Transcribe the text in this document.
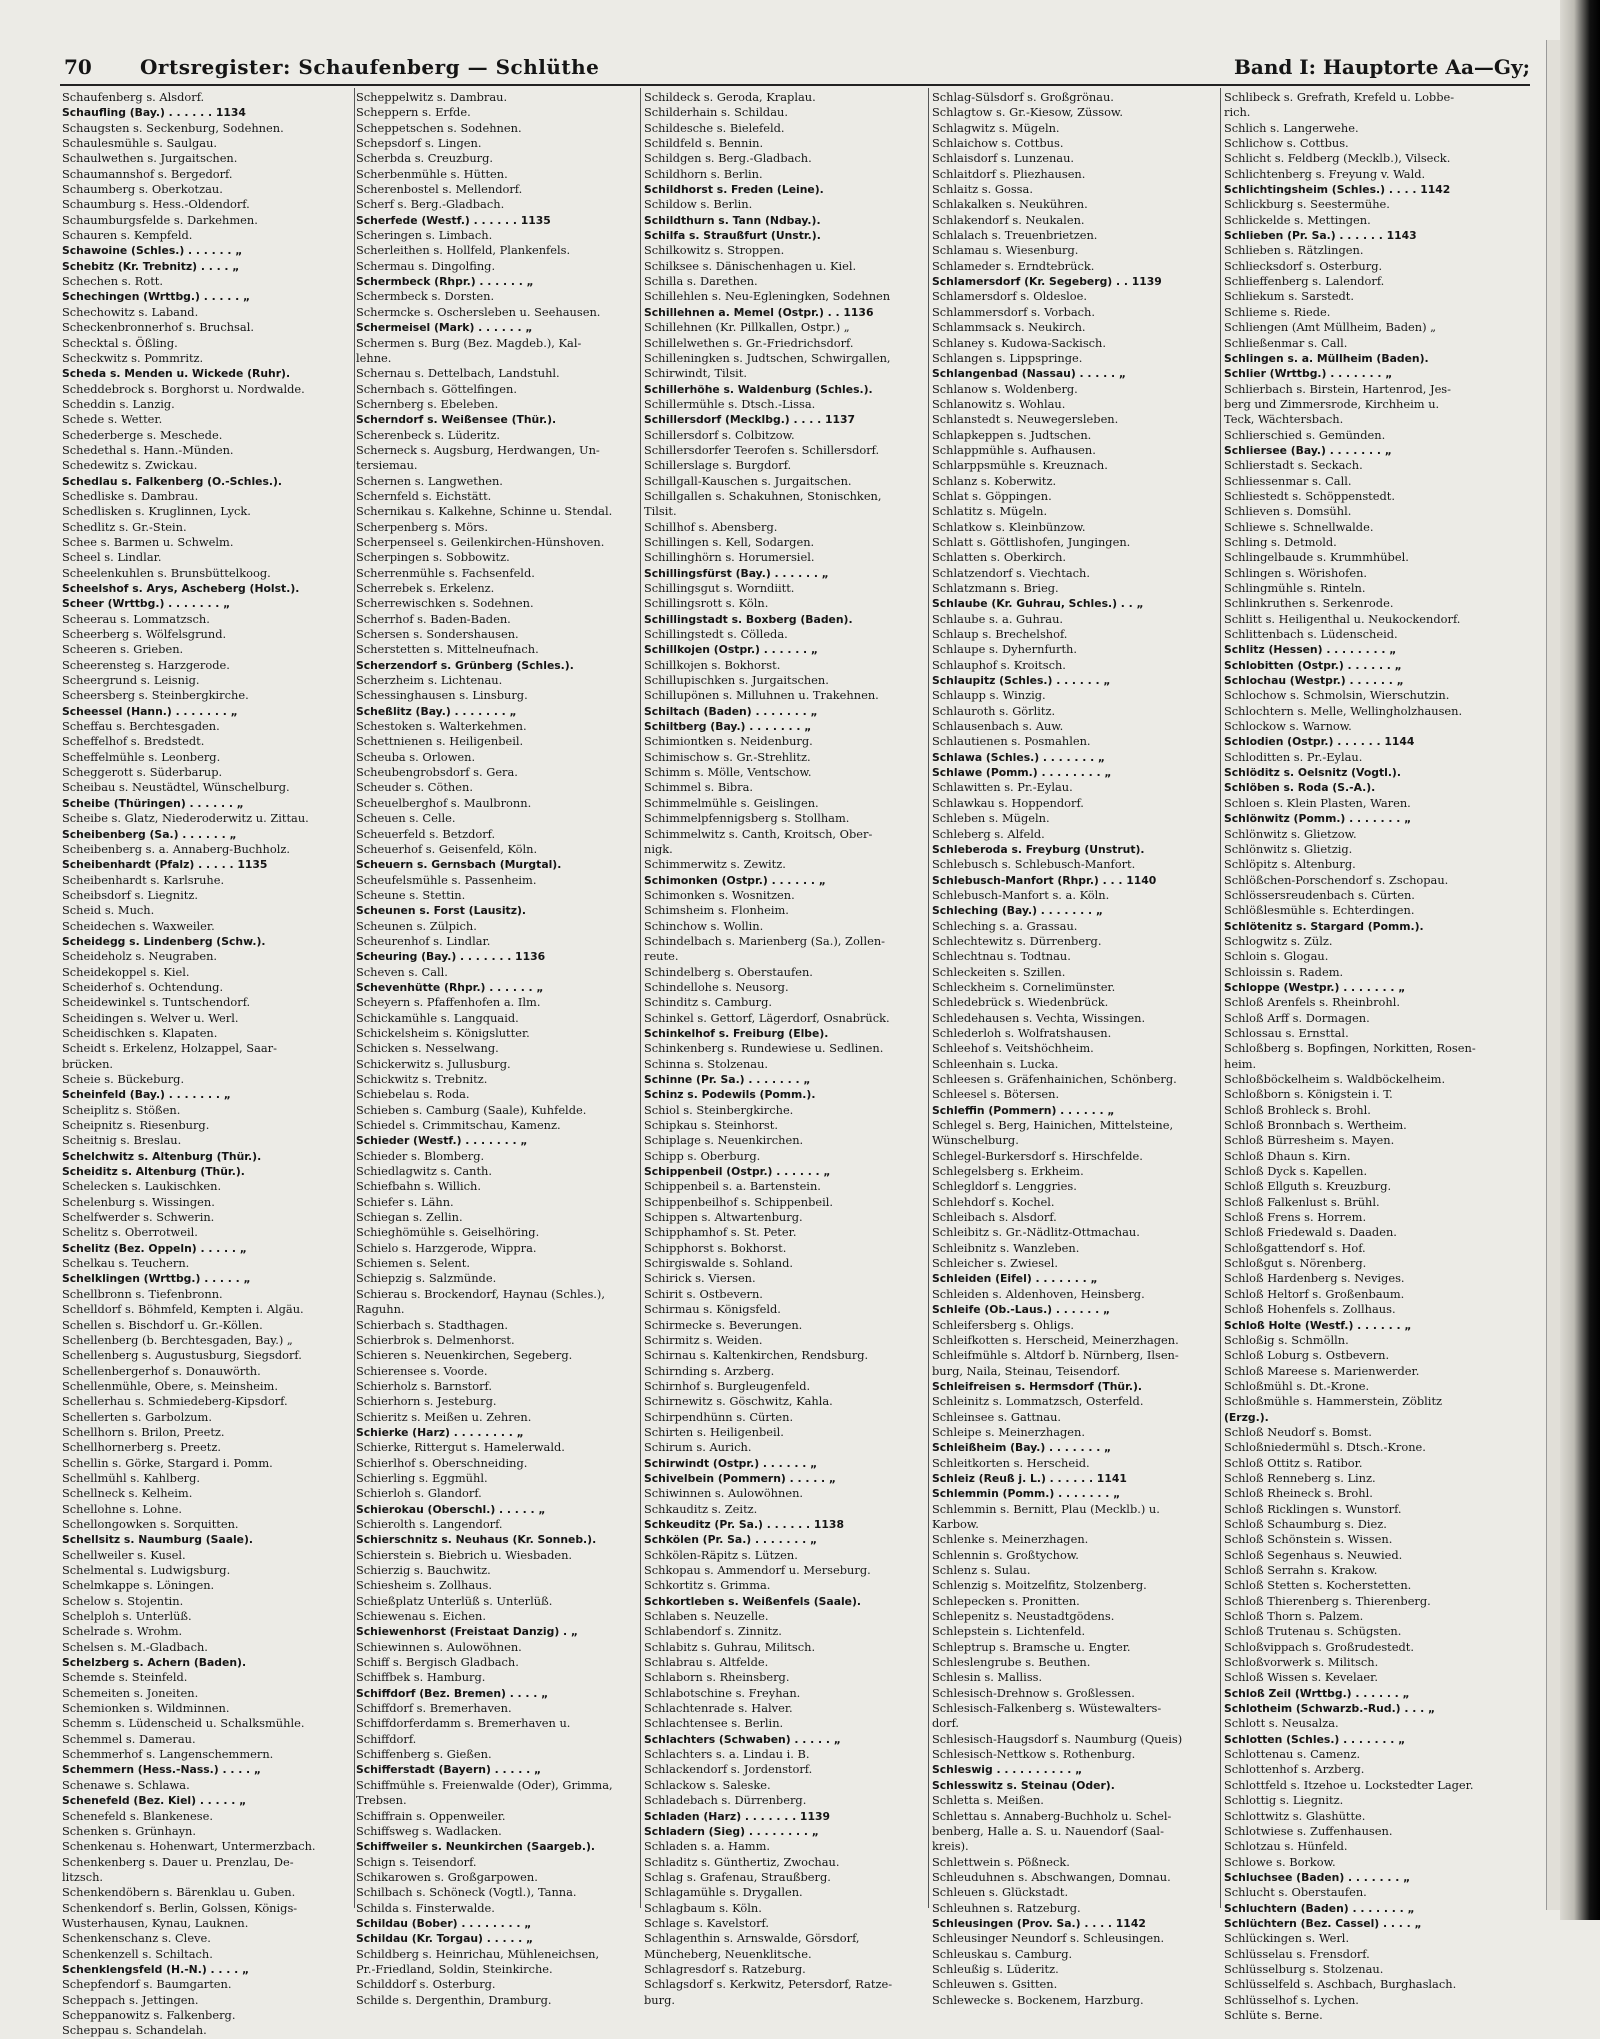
70 Ortsregister: Schaufenberg — Schlüthe	Band I: Hauptorte Aa—Gy;
Schaufenberg s. Alsdorf.
Schaufling (Bay.) . . . . . . 1134
Schaugsten s. Seckenburg, Sodehnen.
Schaulesmühle s. Saulgau.
Schaulwethen s. Jurgaitschen.
Schaumannshof s. Bergedorf.
Schaumberg s. Oberkotzau.
Schaumburg s. Hess.-Oldendorf.
Schaumburgsfelde s. Darkehmen.
Schauren s. Kempfeld.
Schawoine (Schles.) . . . . . . „
Schebitz (Kr. Trebnitz) . . . . „
Schechen s. Rott.
Schechingen (Wrttbg.) . . . . . „
Schechowitz s. Laband.
Scheckenbronnerhof s. Bruchsal.
Schecktal s. Ößling.
Scheckwitz s. Pommritz.
Scheda s. Menden u. Wickede (Ruhr).
Scheddebrock s. Borghorst u. Nordwalde.
Scheddin s. Lanzig.
Schede s. Wetter.
Schederberge s. Meschede.
Schedethal s. Hann.-Münden.
Schedewitz s. Zwickau.
Schedlau s. Falkenberg (O.-Schles.).
Schedliske s. Dambrau.
Schedlisken s. Kruglinnen, Lyck.
Schedlitz s. Gr.-Stein.
Schee s. Barmen u. Schwelm.
Scheel s. Lindlar.
Scheelenkuhlen s. Brunsbüttelkoog.
Scheelshof s. Arys, Ascheberg (Holst.).
Scheer (Wrttbg.) . . . . . . . „
Scheerau s. Lommatzsch.
Scheerberg s. Wölfelsgrund.
Scheeren s. Grieben.
Scheerensteg s. Harzgerode.
Scheergrund s. Leisnig.
Scheersberg s. Steinbergkirche.
Scheessel (Hann.) . . . . . . . „
Scheffau s. Berchtesgaden.
Scheffelhof s. Bredstedt.
Scheffelmühle s. Leonberg.
Scheggerott s. Süderbarup.
Scheibau s. Neustädtel, Wünschelburg.
Scheibe (Thüringen) . . . . . . „
Scheibe s. Glatz, Niederoderwitz u. Zittau.
Scheibenberg (Sa.) . . . . . . „
Scheibenberg s. a. Annaberg-Buchholz.
Scheibenhardt (Pfalz) . . . . . 1135
Scheibenhardt s. Karlsruhe.
Scheibsdorf s. Liegnitz.
Scheid s. Much.
Scheidechen s. Waxweiler.
Scheidegg s. Lindenberg (Schw.).
Scheideholz s. Neugraben.
Scheidekoppel s. Kiel.
Scheiderhof s. Ochtendung.
Scheidewinkel s. Tuntschendorf.
Scheidingen s. Welver u. Werl.
Scheidischken s. Klapaten.
Scheidt s. Erkelenz, Holzappel, Saar-
brücken.
Scheie s. Bückeburg.
Scheinfeld (Bay.) . . . . . . . „
Scheiplitz s. Stößen.
Scheipnitz s. Riesenburg.
Scheitnig s. Breslau.
Schelchwitz s. Altenburg (Thür.).
Scheiditz s. Altenburg (Thür.).
Schelecken s. Laukischken.
Schelenburg s. Wissingen.
Schelfwerder s. Schwerin.
Schelitz s. Oberrotweil.
Schelitz (Bez. Oppeln) . . . . . „
Schelkau s. Teuchern.
Schelklingen (Wrttbg.) . . . . . „
Schellbronn s. Tiefenbronn.
Schelldorf s. Böhmfeld, Kempten i. Algäu.
Schellen s. Bischdorf u. Gr.-Köllen.
Schellenberg (b. Berchtesgaden, Bay.) „
Schellenberg s. Augustusburg, Siegsdorf.
Schellenbergerhof s. Donauwörth.
Schellenmühle, Obere, s. Meinsheim.
Schellerhau s. Schmiedeberg-Kipsdorf.
Schellerten s. Garbolzum.
Schellhorn s. Brilon, Preetz.
Schellhornerberg s. Preetz.
Schellin s. Görke, Stargard i. Pomm.
Schellmühl s. Kahlberg.
Schellneck s. Kelheim.
Schellohne s. Lohne.
Schellongowken s. Sorquitten.
Schellsitz s. Naumburg (Saale).
Schellweiler s. Kusel.
Schelmental s. Ludwigsburg.
Schelmkappe s. Löningen.
Schelow s. Stojentin.
Schelploh s. Unterlüß.
Schelrade s. Wrohm.
Schelsen s. M.-Gladbach.
Schelzberg s. Achern (Baden).
Schemde s. Steinfeld.
Schemeiten s. Joneiten.
Schemionken s. Wildminnen.
Schemm s. Lüdenscheid u. Schalksmühle.
Schemmel s. Damerau.
Schemmerhof s. Langenschemmern.
Schemmern (Hess.-Nass.) . . . . „
Schenawe s. Schlawa.
Schenefeld (Bez. Kiel) . . . . . „
Schenefeld s. Blankenese.
Schenken s. Grünhayn.
Schenkenau s. Hohenwart, Untermerzbach.
Schenkenberg s. Dauer u. Prenzlau, De-
litzsch.
Schenkendöbern s. Bärenklau u. Guben.
Schenkendorf s. Berlin, Golssen, Königs-
Wusterhausen, Kynau, Lauknen.
Schenkenschanz s. Cleve.
Schenkenzell s. Schiltach.
Schenklengsfeld (H.-N.) . . . . „
Schepfendorf s. Baumgarten.
Scheppach s. Jettingen.
Scheppanowitz s. Falkenberg.
Scheppau s. Schandelah.
Scheppelwitz s. Dambrau.
Scheppern s. Erfde.
Scheppetschen s. Sodehnen.
Schepsdorf s. Lingen.
Scherbda s. Creuzburg.
Scherbenmühle s. Hütten.
Scherenbostel s. Mellendorf.
Scherf s. Berg.-Gladbach.
Scherfede (Westf.) . . . . . . 1135
Scheringen s. Limbach.
Scherleithen s. Hollfeld, Plankenfels.
Schermau s. Dingolfing.
Schermbeck (Rhpr.) . . . . . . „
Schermbeck s. Dorsten.
Schermcke s. Oschersleben u. Seehausen.
Schermeisel (Mark) . . . . . . „
Schermen s. Burg (Bez. Magdeb.), Kal-
lehne.
Schernau s. Dettelbach, Landstuhl.
Schernbach s. Göttelfingen.
Schernberg s. Ebeleben.
Scherndorf s. Weißensee (Thür.).
Scherenbeck s. Lüderitz.
Scherneck s. Augsburg, Herdwangen, Un-
tersiemau.
Schernen s. Langwethen.
Schernfeld s. Eichstätt.
Schernikau s. Kalkehne, Schinne u. Stendal.
Scherpenberg s. Mörs.
Scherpenseel s. Geilenkirchen-Hünshoven.
Scherpingen s. Sobbowitz.
Scherrenmühle s. Fachsenfeld.
Scherrebek s. Erkelenz.
Scherrewischken s. Sodehnen.
Scherrhof s. Baden-Baden.
Schersen s. Sondershausen.
Scherstetten s. Mittelneufnach.
Scherzendorf s. Grünberg (Schles.).
Scherzheim s. Lichtenau.
Schessinghausen s. Linsburg.
Scheßlitz (Bay.) . . . . . . . „
Schestoken s. Walterkehmen.
Schettnienen s. Heiligenbeil.
Scheuba s. Orlowen.
Scheubengrobsdorf s. Gera.
Scheuder s. Cöthen.
Scheuelberghof s. Maulbronn.
Scheuen s. Celle.
Scheuerfeld s. Betzdorf.
Scheuerhof s. Geisenfeld, Köln.
Scheuern s. Gernsbach (Murgtal).
Scheufelsmühle s. Passenheim.
Scheune s. Stettin.
Scheunen s. Forst (Lausitz).
Scheunen s. Zülpich.
Scheurenhof s. Lindlar.
Scheuring (Bay.) . . . . . . . 1136
Scheven s. Call.
Schevenhütte (Rhpr.) . . . . . . „
Scheyern s. Pfaffenhofen a. Ilm.
Schickamühle s. Langquaid.
Schickelsheim s. Königslutter.
Schicken s. Nesselwang.
Schickerwitz s. Jullusburg.
Schickwitz s. Trebnitz.
Schiebelau s. Roda.
Schieben s. Camburg (Saale), Kuhfelde.
Schiedel s. Crimmitschau, Kamenz.
Schieder (Westf.) . . . . . . . „
Schieder s. Blomberg.
Schiedlagwitz s. Canth.
Schiefbahn s. Willich.
Schiefer s. Lähn.
Schiegan s. Zellin.
Schieghömühle s. Geiselhöring.
Schielo s. Harzgerode, Wippra.
Schiemen s. Selent.
Schiepzig s. Salzmünde.
Schierau s. Brockendorf, Haynau (Schles.),
Raguhn.
Schierbach s. Stadthagen.
Schierbrok s. Delmenhorst.
Schieren s. Neuenkirchen, Segeberg.
Schierensee s. Voorde.
Schierholz s. Barnstorf.
Schierhorn s. Jesteburg.
Schieritz s. Meißen u. Zehren.
Schierke (Harz) . . . . . . . . „
Schierke, Rittergut s. Hamelerwald.
Schierlhof s. Oberschneiding.
Schierling s. Eggmühl.
Schierloh s. Glandorf.
Schierokau (Oberschl.) . . . . . „
Schierolth s. Langendorf.
Schierschnitz s. Neuhaus (Kr. Sonneb.).
Schierstein s. Biebrich u. Wiesbaden.
Schierzig s. Bauchwitz.
Schiesheim s. Zollhaus.
Schießplatz Unterlüß s. Unterlüß.
Schiewenau s. Eichen.
Schiewenhorst (Freistaat Danzig) . „
Schiewinnen s. Aulowöhnen.
Schiff s. Bergisch Gladbach.
Schiffbek s. Hamburg.
Schiffdorf (Bez. Bremen) . . . . „
Schiffdorf s. Bremerhaven.
Schiffdorferdamm s. Bremerhaven u.
Schiffdorf.
Schiffenberg s. Gießen.
Schifferstadt (Bayern) . . . . . „
Schiffmühle s. Freienwalde (Oder), Grimma,
Trebsen.
Schiffrain s. Oppenweiler.
Schiffsweg s. Wadlacken.
Schiffweiler s. Neunkirchen (Saargeb.).
Schign s. Teisendorf.
Schikarowen s. Großgarpowen.
Schilbach s. Schöneck (Vogtl.), Tanna.
Schilda s. Finsterwalde.
Schildau (Bober) . . . . . . . . „
Schildau (Kr. Torgau) . . . . . „
Schildberg s. Heinrichau, Mühleneichsen,
Pr.-Friedland, Soldin, Steinkirche.
Schilddorf s. Osterburg.
Schilde s. Dergenthin, Dramburg.
Schildeck s. Geroda, Kraplau.
Schilderhain s. Schildau.
Schildesche s. Bielefeld.
Schildfeld s. Bennin.
Schildgen s. Berg.-Gladbach.
Schildhorn s. Berlin.
Schildhorst s. Freden (Leine).
Schildow s. Berlin.
Schildthurn s. Tann (Ndbay.).
Schilfa s. Straußfurt (Unstr.).
Schilkowitz s. Stroppen.
Schilksee s. Dänischenhagen u. Kiel.
Schilla s. Darethen.
Schillehlen s. Neu-Egleningken, Sodehnen
Schillehnen a. Memel (Ostpr.) . . 1136
Schillehnen (Kr. Pillkallen, Ostpr.) „
Schillelwethen s. Gr.-Friedrichsdorf.
Schilleningken s. Judtschen, Schwirgallen,
Schirwindt, Tilsit.
Schillerhöhe s. Waldenburg (Schles.).
Schillermühle s. Dtsch.-Lissa.
Schillersdorf (Mecklbg.) . . . . 1137
Schillersdorf s. Colbitzow.
Schillersdorfer Teerofen s. Schillersdorf.
Schillerslage s. Burgdorf.
Schillgall-Kauschen s. Jurgaitschen.
Schillgallen s. Schakuhnen, Stonischken,
Tilsit.
Schillhof s. Abensberg.
Schillingen s. Kell, Sodargen.
Schillinghörn s. Horumersiel.
Schillingsfürst (Bay.) . . . . . . „
Schillingsgut s. Worndiitt.
Schillingsrott s. Köln.
Schillingstadt s. Boxberg (Baden).
Schillingstedt s. Cölleda.
Schillkojen (Ostpr.) . . . . . . „
Schillkojen s. Bokhorst.
Schillupischken s. Jurgaitschen.
Schillupönen s. Milluhnen u. Trakehnen.
Schiltach (Baden) . . . . . . . „
Schiltberg (Bay.) . . . . . . . „
Schimiontken s. Neidenburg.
Schimischow s. Gr.-Strehlitz.
Schimm s. Mölle, Ventschow.
Schimmel s. Bibra.
Schimmelmühle s. Geislingen.
Schimmelpfennigsberg s. Stollham.
Schimmelwitz s. Canth, Kroitsch, Ober-
nigk.
Schimmerwitz s. Zewitz.
Schimonken (Ostpr.) . . . . . . „
Schimonken s. Wosnitzen.
Schimsheim s. Flonheim.
Schinchow s. Wollin.
Schindelbach s. Marienberg (Sa.), Zollen-
reute.
Schindelberg s. Oberstaufen.
Schindellohe s. Neusorg.
Schinditz s. Camburg.
Schinkel s. Gettorf, Lägerdorf, Osnabrück.
Schinkelhof s. Freiburg (Elbe).
Schinkenberg s. Rundewiese u. Sedlinen.
Schinna s. Stolzenau.
Schinne (Pr. Sa.) . . . . . . . „
Schinz s. Podewils (Pomm.).
Schiol s. Steinbergkirche.
Schipkau s. Steinhorst.
Schiplage s. Neuenkirchen.
Schipp s. Oberburg.
Schippenbeil (Ostpr.) . . . . . . „
Schippenbeil s. a. Bartenstein.
Schippenbeilhof s. Schippenbeil.
Schippen s. Altwartenburg.
Schipphamhof s. St. Peter.
Schipphorst s. Bokhorst.
Schirgiswalde s. Sohland.
Schirick s. Viersen.
Schirit s. Ostbevern.
Schirmau s. Königsfeld.
Schirmecke s. Beverungen.
Schirmitz s. Weiden.
Schirnau s. Kaltenkirchen, Rendsburg.
Schirnding s. Arzberg.
Schirnhof s. Burgleugenfeld.
Schirnewitz s. Göschwitz, Kahla.
Schirpendhünn s. Cürten.
Schirten s. Heiligenbeil.
Schirum s. Aurich.
Schirwindt (Ostpr.) . . . . . . „
Schivelbein (Pommern) . . . . . „
Schiwinnen s. Aulowöhnen.
Schkauditz s. Zeitz.
Schkeuditz (Pr. Sa.) . . . . . . 1138
Schkölen (Pr. Sa.) . . . . . . . „
Schkölen-Räpitz s. Lützen.
Schkopau s. Ammendorf u. Merseburg.
Schkortitz s. Grimma.
Schkortleben s. Weißenfels (Saale).
Schlaben s. Neuzelle.
Schlabendorf s. Zinnitz.
Schlabitz s. Guhrau, Militsch.
Schlabrau s. Altfelde.
Schlaborn s. Rheinsberg.
Schlabotschine s. Freyhan.
Schlachtenrade s. Halver.
Schlachtensee s. Berlin.
Schlachters (Schwaben) . . . . . „
Schlachters s. a. Lindau i. B.
Schlackendorf s. Jordenstorf.
Schlackow s. Saleske.
Schladebach s. Dürrenberg.
Schladen (Harz) . . . . . . . 1139
Schladern (Sieg) . . . . . . . . „
Schladen s. a. Hamm.
Schladitz s. Günthertiz, Zwochau.
Schlag s. Grafenau, Straußberg.
Schlagamühle s. Drygallen.
Schlagbaum s. Köln.
Schlage s. Kavelstorf.
Schlagenthin s. Arnswalde, Görsdorf,
Müncheberg, Neuenklitsche.
Schlagresdorf s. Ratzeburg.
Schlagsdorf s. Kerkwitz, Petersdorf, Ratze-
burg.
Schlag-Sülsdorf s. Großgrönau.
Schlagtow s. Gr.-Kiesow, Züssow.
Schlagwitz s. Mügeln.
Schlaichow s. Cottbus.
Schlaisdorf s. Lunzenau.
Schlaitdorf s. Pliezhausen.
Schlaitz s. Gossa.
Schlakalken s. Neukühren.
Schlakendorf s. Neukalen.
Schlalach s. Treuenbrietzen.
Schlamau s. Wiesenburg.
Schlameder s. Erndtebrück.
Schlamersdorf (Kr. Segeberg) . . 1139
Schlamersdorf s. Oldesloe.
Schlammersdorf s. Vorbach.
Schlammsack s. Neukirch.
Schlaney s. Kudowa-Sackisch.
Schlangen s. Lippspringe.
Schlangenbad (Nassau) . . . . . „
Schlanow s. Woldenberg.
Schlanowitz s. Wohlau.
Schlanstedt s. Neuwegersleben.
Schlapkeppen s. Judtschen.
Schlappmühle s. Aufhausen.
Schlarppsmühle s. Kreuznach.
Schlanz s. Koberwitz.
Schlat s. Göppingen.
Schlatitz s. Mügeln.
Schlatkow s. Kleinbünzow.
Schlatt s. Göttlishofen, Jungingen.
Schlatten s. Oberkirch.
Schlatzendorf s. Viechtach.
Schlatzmann s. Brieg.
Schlaube (Kr. Guhrau, Schles.) . . „
Schlaube s. a. Guhrau.
Schlaup s. Brechelshof.
Schlaupe s. Dyhernfurth.
Schlauphof s. Kroitsch.
Schlaupitz (Schles.) . . . . . . „
Schlaupp s. Winzig.
Schlauroth s. Görlitz.
Schlausenbach s. Auw.
Schlautienen s. Posmahlen.
Schlawa (Schles.) . . . . . . . „
Schlawe (Pomm.) . . . . . . . . „
Schlawitten s. Pr.-Eylau.
Schlawkau s. Hoppendorf.
Schleben s. Mügeln.
Schleberg s. Alfeld.
Schleberoda s. Freyburg (Unstrut).
Schlebusch s. Schlebusch-Manfort.
Schlebusch-Manfort (Rhpr.) . . . 1140
Schlebusch-Manfort s. a. Köln.
Schleching (Bay.) . . . . . . . „
Schleching s. a. Grassau.
Schlechtewitz s. Dürrenberg.
Schlechtnau s. Todtnau.
Schleckeiten s. Szillen.
Schleckheim s. Cornelimünster.
Schledebrück s. Wiedenbrück.
Schledehausen s. Vechta, Wissingen.
Schlederloh s. Wolfratshausen.
Schleehof s. Veitshöchheim.
Schleenhain s. Lucka.
Schleesen s. Gräfenhainichen, Schönberg.
Schleesel s. Bötersen.
Schleffin (Pommern) . . . . . . „
Schlegel s. Berg, Hainichen, Mittelsteine,
Wünschelburg.
Schlegel-Burkersdorf s. Hirschfelde.
Schlegelsberg s. Erkheim.
Schlegldorf s. Lenggries.
Schlehdorf s. Kochel.
Schleibach s. Alsdorf.
Schleibitz s. Gr.-Nädlitz-Ottmachau.
Schleibnitz s. Wanzleben.
Schleicher s. Zwiesel.
Schleiden (Eifel) . . . . . . . „
Schleiden s. Aldenhoven, Heinsberg.
Schleife (Ob.-Laus.) . . . . . . „
Schleifersberg s. Ohligs.
Schleifkotten s. Herscheid, Meinerzhagen.
Schleifmühle s. Altdorf b. Nürnberg, Ilsen-
burg, Naila, Steinau, Teisendorf.
Schleifreisen s. Hermsdorf (Thür.).
Schleinitz s. Lommatzsch, Osterfeld.
Schleinsee s. Gattnau.
Schleipe s. Meinerzhagen.
Schleißheim (Bay.) . . . . . . . „
Schleitkorten s. Herscheid.
Schleiz (Reuß j. L.) . . . . . . 1141
Schlemmin (Pomm.) . . . . . . . „
Schlemmin s. Bernitt, Plau (Mecklb.) u.
Karbow.
Schlenke s. Meinerzhagen.
Schlennin s. Großtychow.
Schlenz s. Sulau.
Schlenzig s. Moitzelfitz, Stolzenberg.
Schlepecken s. Pronitten.
Schlepenitz s. Neustadtgödens.
Schlepstein s. Lichtenfeld.
Schleptrup s. Bramsche u. Engter.
Schleslengrube s. Beuthen.
Schlesin s. Malliss.
Schlesisch-Drehnow s. Großlessen.
Schlesisch-Falkenberg s. Wüstewalters-
dorf.
Schlesisch-Haugsdorf s. Naumburg (Queis)
Schlesisch-Nettkow s. Rothenburg.
Schleswig . . . . . . . . . . „
Schlesswitz s. Steinau (Oder).
Schletta s. Meißen.
Schlettau s. Annaberg-Buchholz u. Schel-
benberg, Halle a. S. u. Nauendorf (Saal-
kreis).
Schlettwein s. Pößneck.
Schleuduhnen s. Abschwangen, Domnau.
Schleuen s. Glückstadt.
Schleuhnen s. Ratzeburg.
Schleusingen (Prov. Sa.) . . . . 1142
Schleusinger Neundorf s. Schleusingen.
Schleuskau s. Camburg.
Schleußig s. Lüderitz.
Schleuwen s. Gsitten.
Schlewecke s. Bockenem, Harzburg.
Schlibeck s. Grefrath, Krefeld u. Lobbe-
rich.
Schlich s. Langerwehe.
Schlichow s. Cottbus.
Schlicht s. Feldberg (Mecklb.), Vilseck.
Schlichtenberg s. Freyung v. Wald.
Schlichtingsheim (Schles.) . . . . 1142
Schlickburg s. Seestermühe.
Schlickelde s. Mettingen.
Schlieben (Pr. Sa.) . . . . . . 1143
Schlieben s. Rätzlingen.
Schliecksdorf s. Osterburg.
Schlieffenberg s. Lalendorf.
Schliekum s. Sarstedt.
Schlieme s. Riede.
Schliengen (Amt Müllheim, Baden) „
Schließenmar s. Call.
Schlingen s. a. Müllheim (Baden).
Schlier (Wrttbg.) . . . . . . . „
Schlierbach s. Birstein, Hartenrod, Jes-
berg und Zimmersrode, Kirchheim u.
Teck, Wächtersbach.
Schlierschied s. Gemünden.
Schliersee (Bay.) . . . . . . . „
Schlierstadt s. Seckach.
Schliessenmar s. Call.
Schliestedt s. Schöppenstedt.
Schlieven s. Domsühl.
Schliewe s. Schnellwalde.
Schling s. Detmold.
Schlingelbaude s. Krummhübel.
Schlingen s. Wörishofen.
Schlingmühle s. Rinteln.
Schlinkruthen s. Serkenrode.
Schlitt s. Heiligenthal u. Neukockendorf.
Schlittenbach s. Lüdenscheid.
Schlitz (Hessen) . . . . . . . . „
Schlobitten (Ostpr.) . . . . . . „
Schlochau (Westpr.) . . . . . . „
Schlochow s. Schmolsin, Wierschutzin.
Schlochtern s. Melle, Wellingholzhausen.
Schlockow s. Warnow.
Schlodien (Ostpr.) . . . . . . 1144
Schloditten s. Pr.-Eylau.
Schlöditz s. Oelsnitz (Vogtl.).
Schlöben s. Roda (S.-A.).
Schloen s. Klein Plasten, Waren.
Schlönwitz (Pomm.) . . . . . . . „
Schlönwitz s. Glietzow.
Schlönwitz s. Glietzig.
Schlöpitz s. Altenburg.
Schlößchen-Porschendorf s. Zschopau.
Schlössersreudenbach s. Cürten.
Schlößlesmühle s. Echterdingen.
Schlötenitz s. Stargard (Pomm.).
Schlogwitz s. Zülz.
Schloin s. Glogau.
Schloissin s. Radem.
Schloppe (Westpr.) . . . . . . . „
Schloß Arenfels s. Rheinbrohl.
Schloß Arff s. Dormagen.
Schlossau s. Ernsttal.
Schloßberg s. Bopfingen, Norkitten, Rosen-
heim.
Schloßböckelheim s. Waldböckelheim.
Schloßborn s. Königstein i. T.
Schloß Brohleck s. Brohl.
Schloß Bronnbach s. Wertheim.
Schloß Bürresheim s. Mayen.
Schloß Dhaun s. Kirn.
Schloß Dyck s. Kapellen.
Schloß Ellguth s. Kreuzburg.
Schloß Falkenlust s. Brühl.
Schloß Frens s. Horrem.
Schloß Friedewald s. Daaden.
Schloßgattendorf s. Hof.
Schloßgut s. Nörenberg.
Schloß Hardenberg s. Neviges.
Schloß Heltorf s. Großenbaum.
Schloß Hohenfels s. Zollhaus.
Schloß Holte (Westf.) . . . . . . „
Schloßig s. Schmölln.
Schloß Loburg s. Ostbevern.
Schloß Mareese s. Marienwerder.
Schloßmühl s. Dt.-Krone.
Schloßmühle s. Hammerstein, Zöblitz
(Erzg.).
Schloß Neudorf s. Bomst.
Schloßniedermühl s. Dtsch.-Krone.
Schloß Ottitz s. Ratibor.
Schloß Renneberg s. Linz.
Schloß Rheineck s. Brohl.
Schloß Ricklingen s. Wunstorf.
Schloß Schaumburg s. Diez.
Schloß Schönstein s. Wissen.
Schloß Segenhaus s. Neuwied.
Schloß Serrahn s. Krakow.
Schloß Stetten s. Kocherstetten.
Schloß Thierenberg s. Thierenberg.
Schloß Thorn s. Palzem.
Schloß Trutenau s. Schügsten.
Schloßvippach s. Großrudestedt.
Schloßvorwerk s. Militsch.
Schloß Wissen s. Kevelaer.
Schloß Zeil (Wrttbg.) . . . . . . „
Schlotheim (Schwarzb.-Rud.) . . . „
Schlott s. Neusalza.
Schlotten (Schles.) . . . . . . . „
Schlottenau s. Camenz.
Schlottenhof s. Arzberg.
Schlottfeld s. Itzehoe u. Lockstedter Lager.
Schlottig s. Liegnitz.
Schlottwitz s. Glashütte.
Schlotwiese s. Zuffenhausen.
Schlotzau s. Hünfeld.
Schlowe s. Borkow.
Schluchsee (Baden) . . . . . . . „
Schlucht s. Oberstaufen.
Schluchtern (Baden) . . . . . . . „
Schlüchtern (Bez. Cassel) . . . . „
Schlückingen s. Werl.
Schlüsselau s. Frensdorf.
Schlüsselburg s. Stolzenau.
Schlüsselfeld s. Aschbach, Burghaslach.
Schlüsselhof s. Lychen.
Schlüte s. Berne.
